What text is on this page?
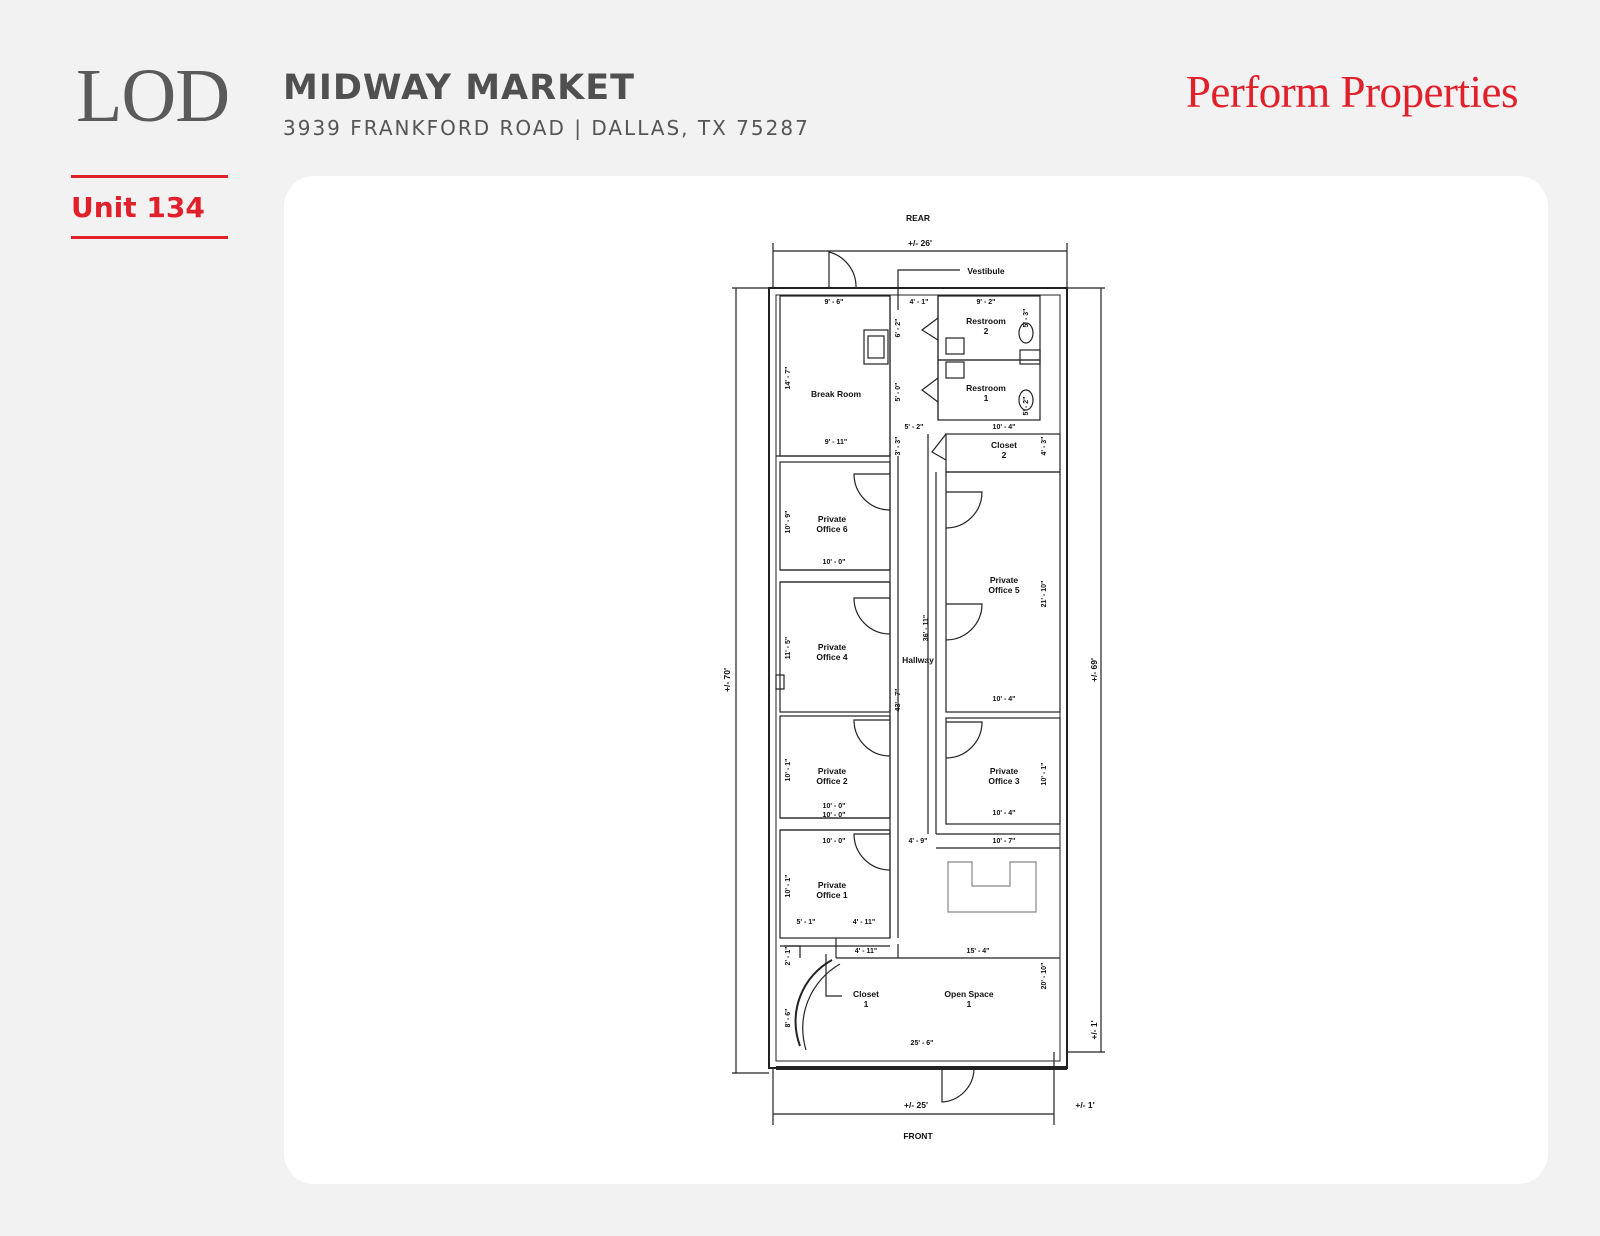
LOD MIDWAY MARKET
3939 FRANKFORD ROAD | DALLAS, TX 75287
Perform Properties
Unit 134	REAR
FRONT
+/- 26'
+/- 25'	+/- 1'
Vestibule
Restroom
2
Restroom
1
Break Room
Closet
2
Private
Office 6
Private
Office 5
Private
Office 4	Hallway
Private
Office 2
Private
Office 3
Private
Office 1
Closet
1
Open Space
1
9' - 6"	4' - 1"	9' - 2"
5' - 2"	10' - 4"
9' - 11"
10' - 0"
10' - 4"
10' - 0"
10' - 0"	10' - 4"
10' - 0"	4' - 9"	10' - 7"
5' - 1"	4' - 11"
4' - 11"	15' - 4"
25' - 6"
+/- 70'	+/- 69'
+/- 1'
5' - 3"
6' - 2"
14' - 7"
5' - 0"
5' - 2"
4' - 3"
3' - 3"
10' - 9"
36' - 11"
21' - 10"
11' - 5"
43' - 7"
10' - 1"	10' - 1"
10' - 1"
2' - 1"
20' - 10"
8' - 6"
